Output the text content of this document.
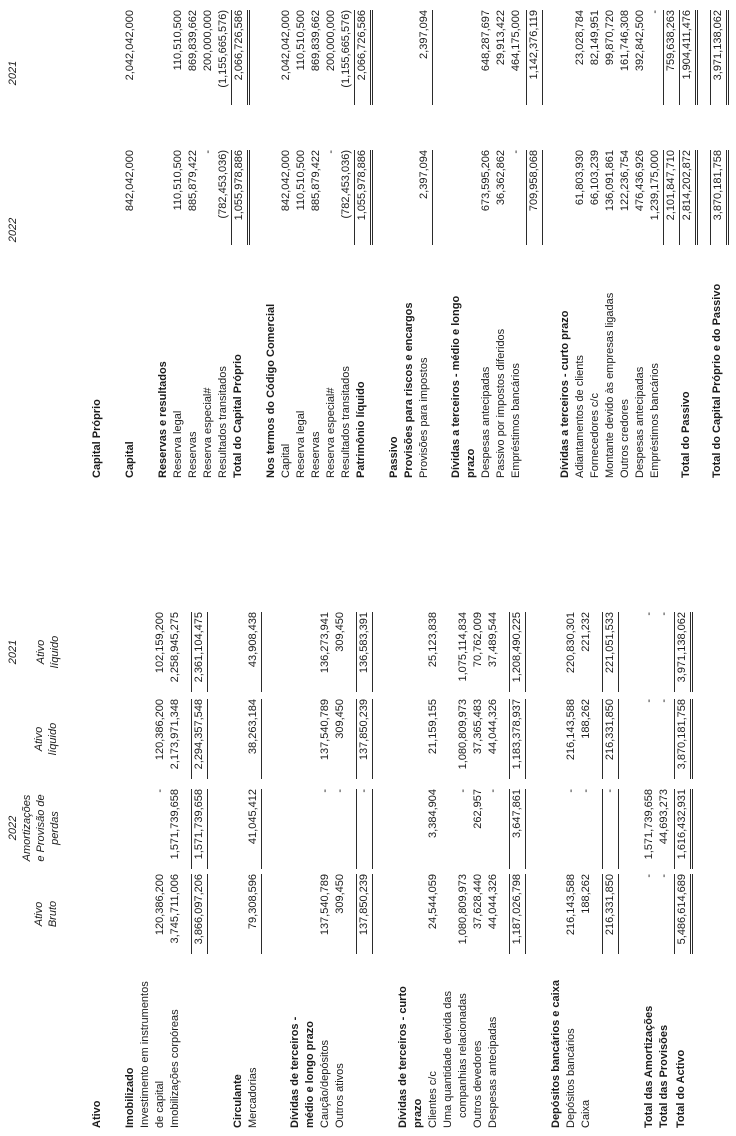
Ativo Bruto
2022 Amortizações e Provisão de perdas
Ativo líquido
2021 Ativo líquido
2022
2021
Ativo Imobilizado Investimento em instrumentos de capital
120,386,200
-
120,386,200
102,159,200
Imobilizações corpóreas
3,745,711,006
1,571,739,658
2,173,971,348
2,258,945,275
3,866,097,206
1,571,739,658
2,294,357,548
2,361,104,475
Circulante Mercadorias
79,308,596
41,045,412
38,263,184
43,908,438
Dívidas de terceiros - médio e longo prazo Caução/depósitos
137,540,789
-
137,540,789
136,273,941
Outros ativos
309,450
-
309,450
309,450
137,850,239
-
137,850,239
136,583,391
Dívidas de terceiros - curto prazo Clientes c/c
24,544,059
3,384,904
21,159,155
25,123,838
Uma quantidade devida das companhias relacionadas
1,080,809,973
-
1,080,809,973
1,075,114,834
Outros devedores
37,628,440
262,957
37,365,483
70,762,009
Despesas antecipadas
44,044,326
-
44,044,326
37,489,544
1,187,026,798
3,647,861
1,183,378,937
1,208,490,225
Depósitos bancários e caixa Depósitos bancários
216,143,588
-
216,143,588
220,830,301
Caixa
188,262
-
188,262
221,232
216,331,850
-
216,331,850
221,051,533
Total das Amortizações
-
1,571,739,658
-
-
Total das Provisões
-
44,693,273
-
-
Total do Activo
5,486,614,689
1,616,432,931
3,870,181,758
3,971,138,062
Capital Próprio Capital
842,042,000
2,042,042,000
Reservas e resultados Reserva legal
110,510,500
110,510,500
Reservas
885,879,422
869,839,662
Reserva especial#
-
200,000,000
Resultados transitados
(782,453,036)
(1,155,665,576)
Total do Capital Próprio
1,055,978,886
2,066,726,586
Nos termos do Código Comercial Capital
842,042,000
2,042,042,000
Reserva legal
110,510,500
110,510,500
Reservas
885,879,422
869,839,662
Reserva especial#
-
200,000,000
Resultados transitados
(782,453,036)
(1,155,665,576)
Patrimônio líquido
1,055,978,886
2,066,726,586
Passivo Provisões para riscos e encargos Provisões para impostos
2,397,094
2,397,094
Dívidas a terceiros - médio e longo prazo Despesas antecipadas
673,595,206
648,287,697
Passivo por impostos diferidos
36,362,862
29,913,422
Empréstimos bancários
-
464,175,000
709,958,068
1,142,376,119
Dívidas a terceiros - curto prazo Adiantamentos de clients
61,803,930
23,028,784
Fornecedores c/c
66,103,239
82,149,951
Montante devido às empresas ligadas
136,091,861
99,870,720
Outros credores
122,236,754
161,746,308
Despesas antecipadas
476,436,926
392,842,500
Empréstimos bancários
1,239,175,000
-
2,101,847,710
759,638,263
Total do Passivo
2,814,202,872
1,904,411,476
Total do Capital Próprio e do Passivo
3,870,181,758
3,971,138,062
